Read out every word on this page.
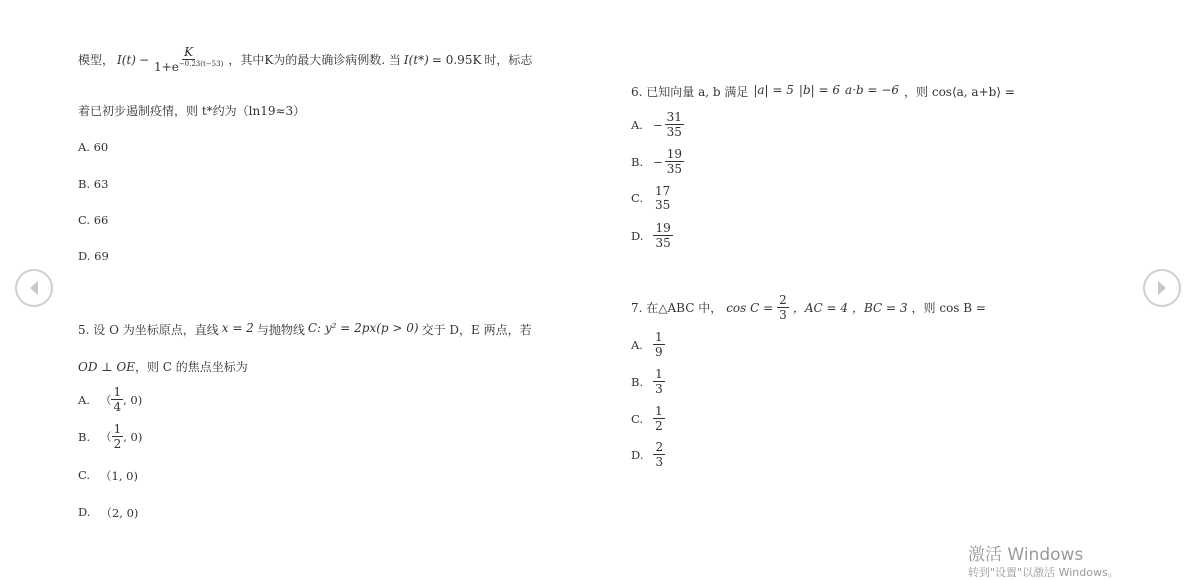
模型， $I(t) - \frac{K}{1+e^{-0.23(t-53)}}$ ，其中K为的最大确诊病例数. 当 I(t*) = 0.95K 时，标志
着已初步遏制疫情，则 t*约为（ln19≈3）
A. 60
B. 63
C. 66
D. 69
5. 设 O 为坐标原点，直线 x = 2 与抛物线 C: y² = 2px(p > 0) 交于 D，E 两点，若
OD ⊥ OE，则 C 的焦点坐标为
A. （ $\frac{1}{4}$ , 0)
B. （ $\frac{1}{2}$ , 0)
C. （1, 0)
D. （2, 0)
6. 已知向量 a, b 满足 |a| = 5 |b| = 6 a·b = −6 ，则 cos⟨a, a+b⟩ =
A. − $\frac{31}{35}$
B. − $\frac{19}{35}$
C. 17
35
D. $\frac{19}{35}$
7. 在△ABC 中， $\cos C = \frac{2}{3}$ ，AC = 4 ，BC = 3 ，则 cos B =
A. $\frac{1}{9}$
B. $\frac{1}{3}$
C. $\frac{1}{2}$
D. $\frac{2}{3}$
激活 Windows
转到"设置"以激活 Windows。
